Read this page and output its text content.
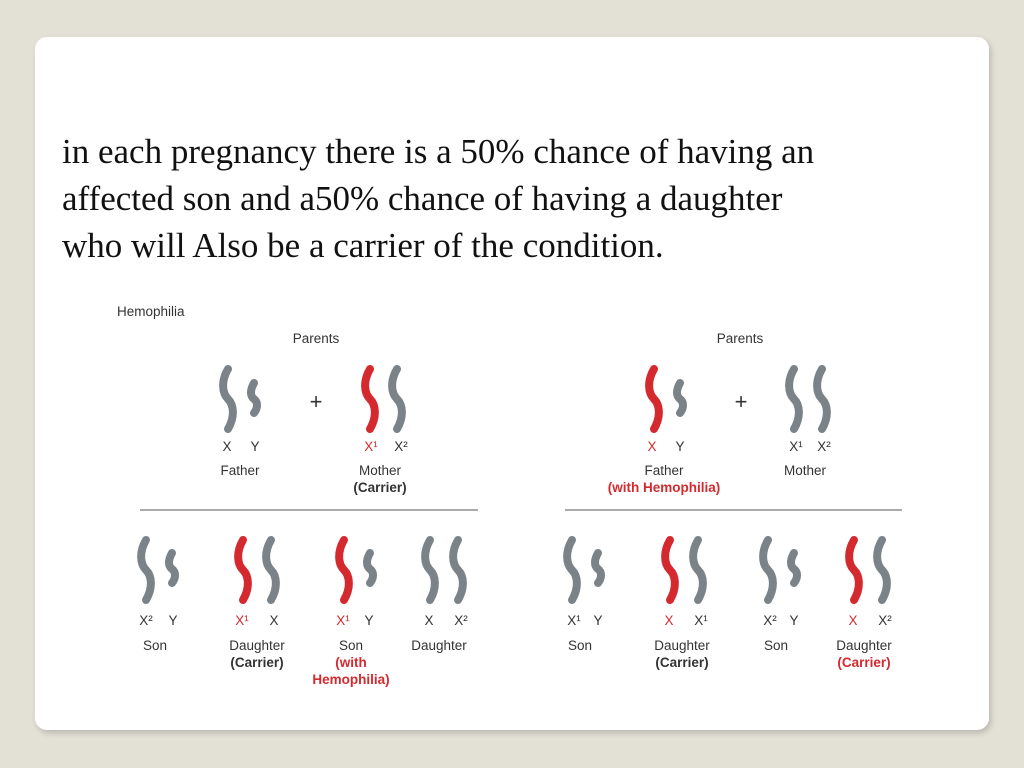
in each pregnancy there is a 50% chance of having an
affected son and a50% chance of having a daughter
who will Also be a carrier of the condition.

Hemophilia
Parents
X Y
Father
+
X¹ X²
Mother
(Carrier)
X² Y
Son
X¹ X
Daughter
(Carrier)
X¹ Y
Son
(with
Hemophilia)
X X²
Daughter
Parents
X Y
Father
(with Hemophilia)
+
X¹ X²
Mother
X¹ Y
Son
X X¹
Daughter
(Carrier)
X² Y
Son
X X²
Daughter
(Carrier)
